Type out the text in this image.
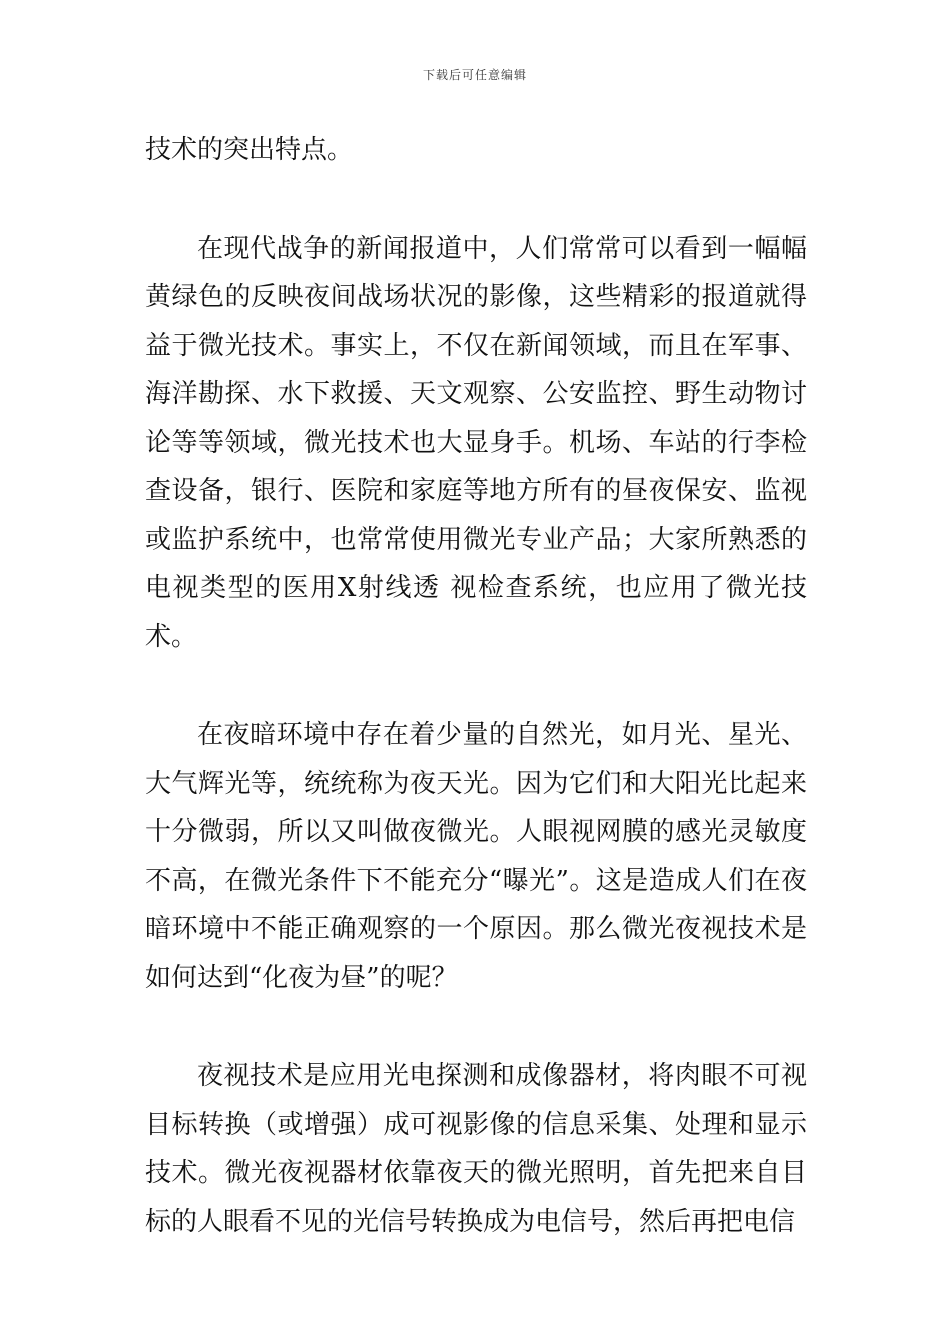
下载后可任意编辑

技术的突出特点。

在现代战争的新闻报道中，人们常常可以看到一幅幅黄绿色的反映夜间战场状况的影像，这些精彩的报道就得益于微光技术。事实上，不仅在新闻领域，而且在军事、海洋勘探、水下救援、天文观察、公安监控、野生动物讨论等等领域，微光技术也大显身手。机场、车站的行李检查设备，银行、医院和家庭等地方所有的昼夜保安、监视或监护系统中，也常常使用微光专业产品；大家所熟悉的电视类型的医用X射线透 视检查系统，也应用了微光技术。

在夜暗环境中存在着少量的自然光，如月光、星光、大气辉光等，统统称为夜天光。因为它们和大阳光比起来十分微弱，所以又叫做夜微光。人眼视网膜的感光灵敏度不高，在微光条件下不能充分“曝光”。这是造成人们在夜暗环境中不能正确观察的一个原因。那么微光夜视技术是如何达到“化夜为昼”的呢？

夜视技术是应用光电探测和成像器材，将肉眼不可视目标转换（或增强）成可视影像的信息采集、处理和显示技术。微光夜视器材依靠夜天的微光照明，首先把来自目标的人眼看不见的光信号转换成为电信号，然后再把电信
